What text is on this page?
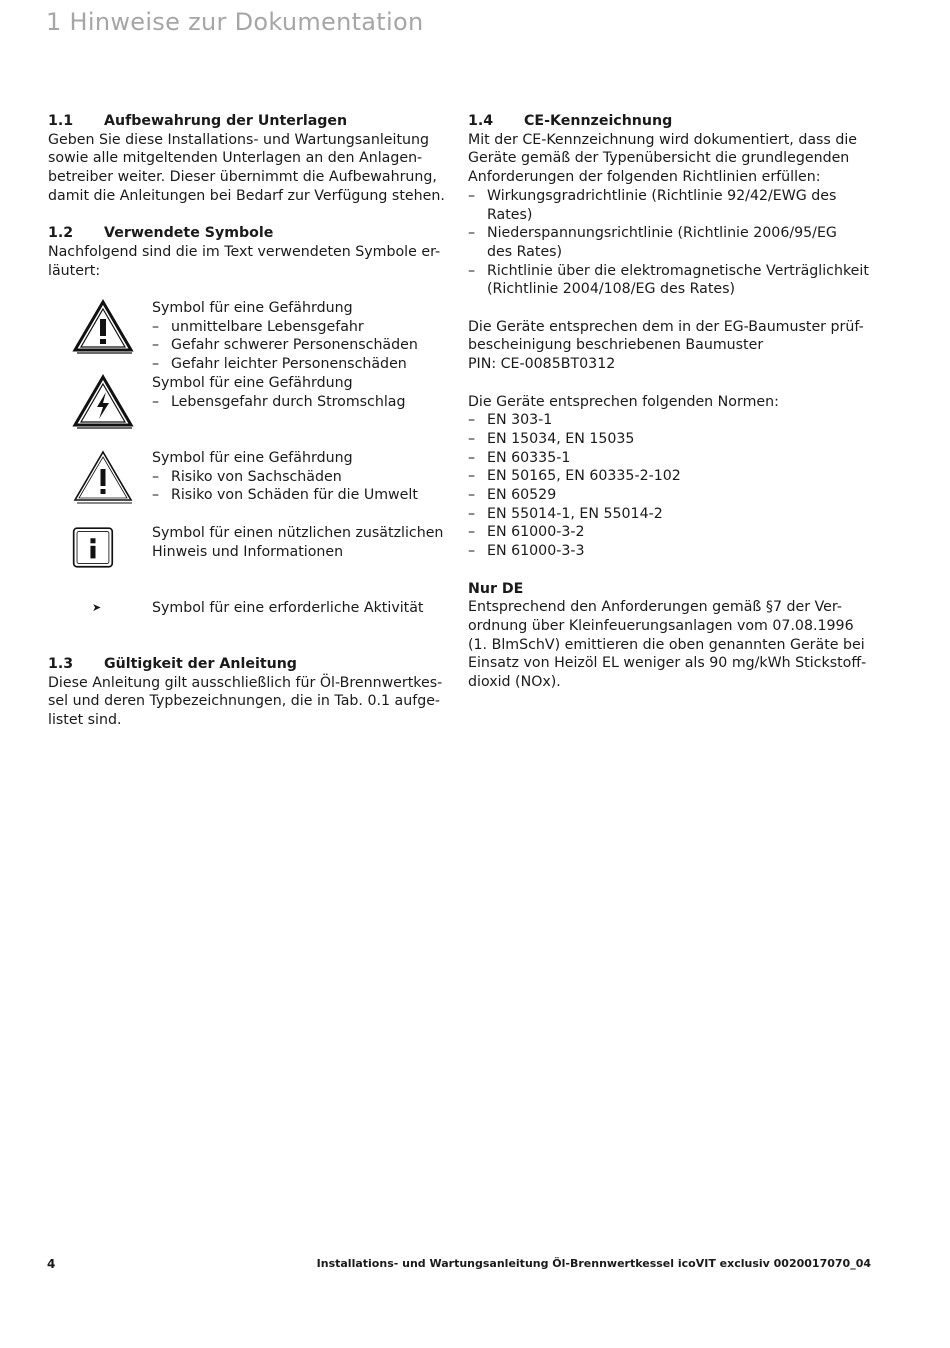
1 Hinweise zur Dokumentation

1.1 Aufbewahrung der Unterlagen

Geben Sie diese Installations- und Wartungsanleitung
sowie alle mitgeltenden Unterlagen an den Anlagen-
betreiber weiter. Dieser übernimmt die Aufbewahrung,
damit die Anleitungen bei Bedarf zur Verfügung stehen.

1.2 Verwendete Symbole

Nachfolgend sind die im Text verwendeten Symbole er-
läutert:

Symbol für eine Gefährdung
– unmittelbare Lebensgefahr
– Gefahr schwerer Personenschäden
– Gefahr leichter Personenschäden
Symbol für eine Gefährdung
– Lebensgefahr durch Stromschlag
Symbol für eine Gefährdung
– Risiko von Sachschäden
– Risiko von Schäden für die Umwelt
Symbol für einen nützlichen zusätzlichen
Hinweis und Informationen
➤	Symbol für eine erforderliche Aktivität

1.3 Gültigkeit der Anleitung

Diese Anleitung gilt ausschließlich für Öl-Brennwertkes-
sel und deren Typbezeichnungen, die in Tab. 0.1 aufge-
listet sind.

1.4 CE-Kennzeichnung

Mit der CE-Kennzeichnung wird dokumentiert, dass die
Geräte gemäß der Typenübersicht die grundlegenden
Anforderungen der folgenden Richtlinien erfüllen:

– Wirkungsgradrichtlinie (Richtlinie 92/42/EWG des
Rates)
– Niederspannungsrichtlinie (Richtlinie 2006/95/EG
des Rates)
– Richtlinie über die elektromagnetische Verträglichkeit
(Richtlinie 2004/108/EG des Rates)

Die Geräte entsprechen dem in der EG-Baumuster prüf-
bescheinigung beschriebenen Baumuster
PIN: CE-0085BT0312

Die Geräte entsprechen folgenden Normen:

– EN 303-1
– EN 15034, EN 15035
– EN 60335-1
– EN 50165, EN 60335-2-102
– EN 60529
– EN 55014-1, EN 55014-2
– EN 61000-3-2
– EN 61000-3-3

Nur DE

Entsprechend den Anforderungen gemäß §7 der Ver-
ordnung über Kleinfeuerungsanlagen vom 07.08.1996
(1. BlmSchV) emittieren die oben genannten Geräte bei
Einsatz von Heizöl EL weniger als 90 mg/kWh Stickstoff-
dioxid (NOx).

4	Installations- und Wartungsanleitung Öl-Brennwertkessel icoVIT exclusiv 0020017070_04
